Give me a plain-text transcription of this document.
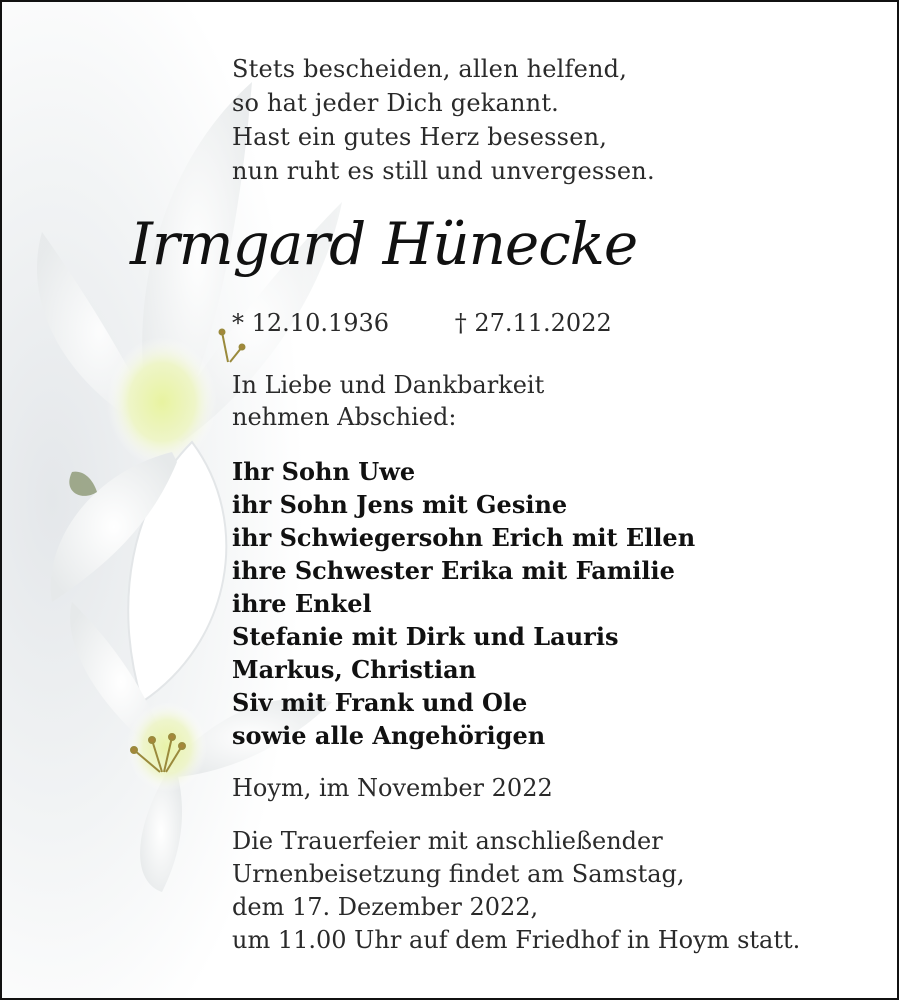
Irmgard Hünecke
Stets bescheiden, allen helfend,
so hat jeder Dich gekannt.
Hast ein gutes Herz besessen,
nun ruht es still und unvergessen.
* 12.10.1936	† 27.11.2022
In Liebe und Dankbarkeit
nehmen Abschied:
Ihr Sohn Uwe
ihr Sohn Jens mit Gesine
ihr Schwiegersohn Erich mit Ellen
ihre Schwester Erika mit Familie
ihre Enkel
Stefanie mit Dirk und Lauris
Markus, Christian
Siv mit Frank und Ole
sowie alle Angehörigen
Hoym, im November 2022
Die Trauerfeier mit anschließender
Urnenbeisetzung findet am Samstag,
dem 17. Dezember 2022,
um 11.00 Uhr auf dem Friedhof in Hoym statt.
